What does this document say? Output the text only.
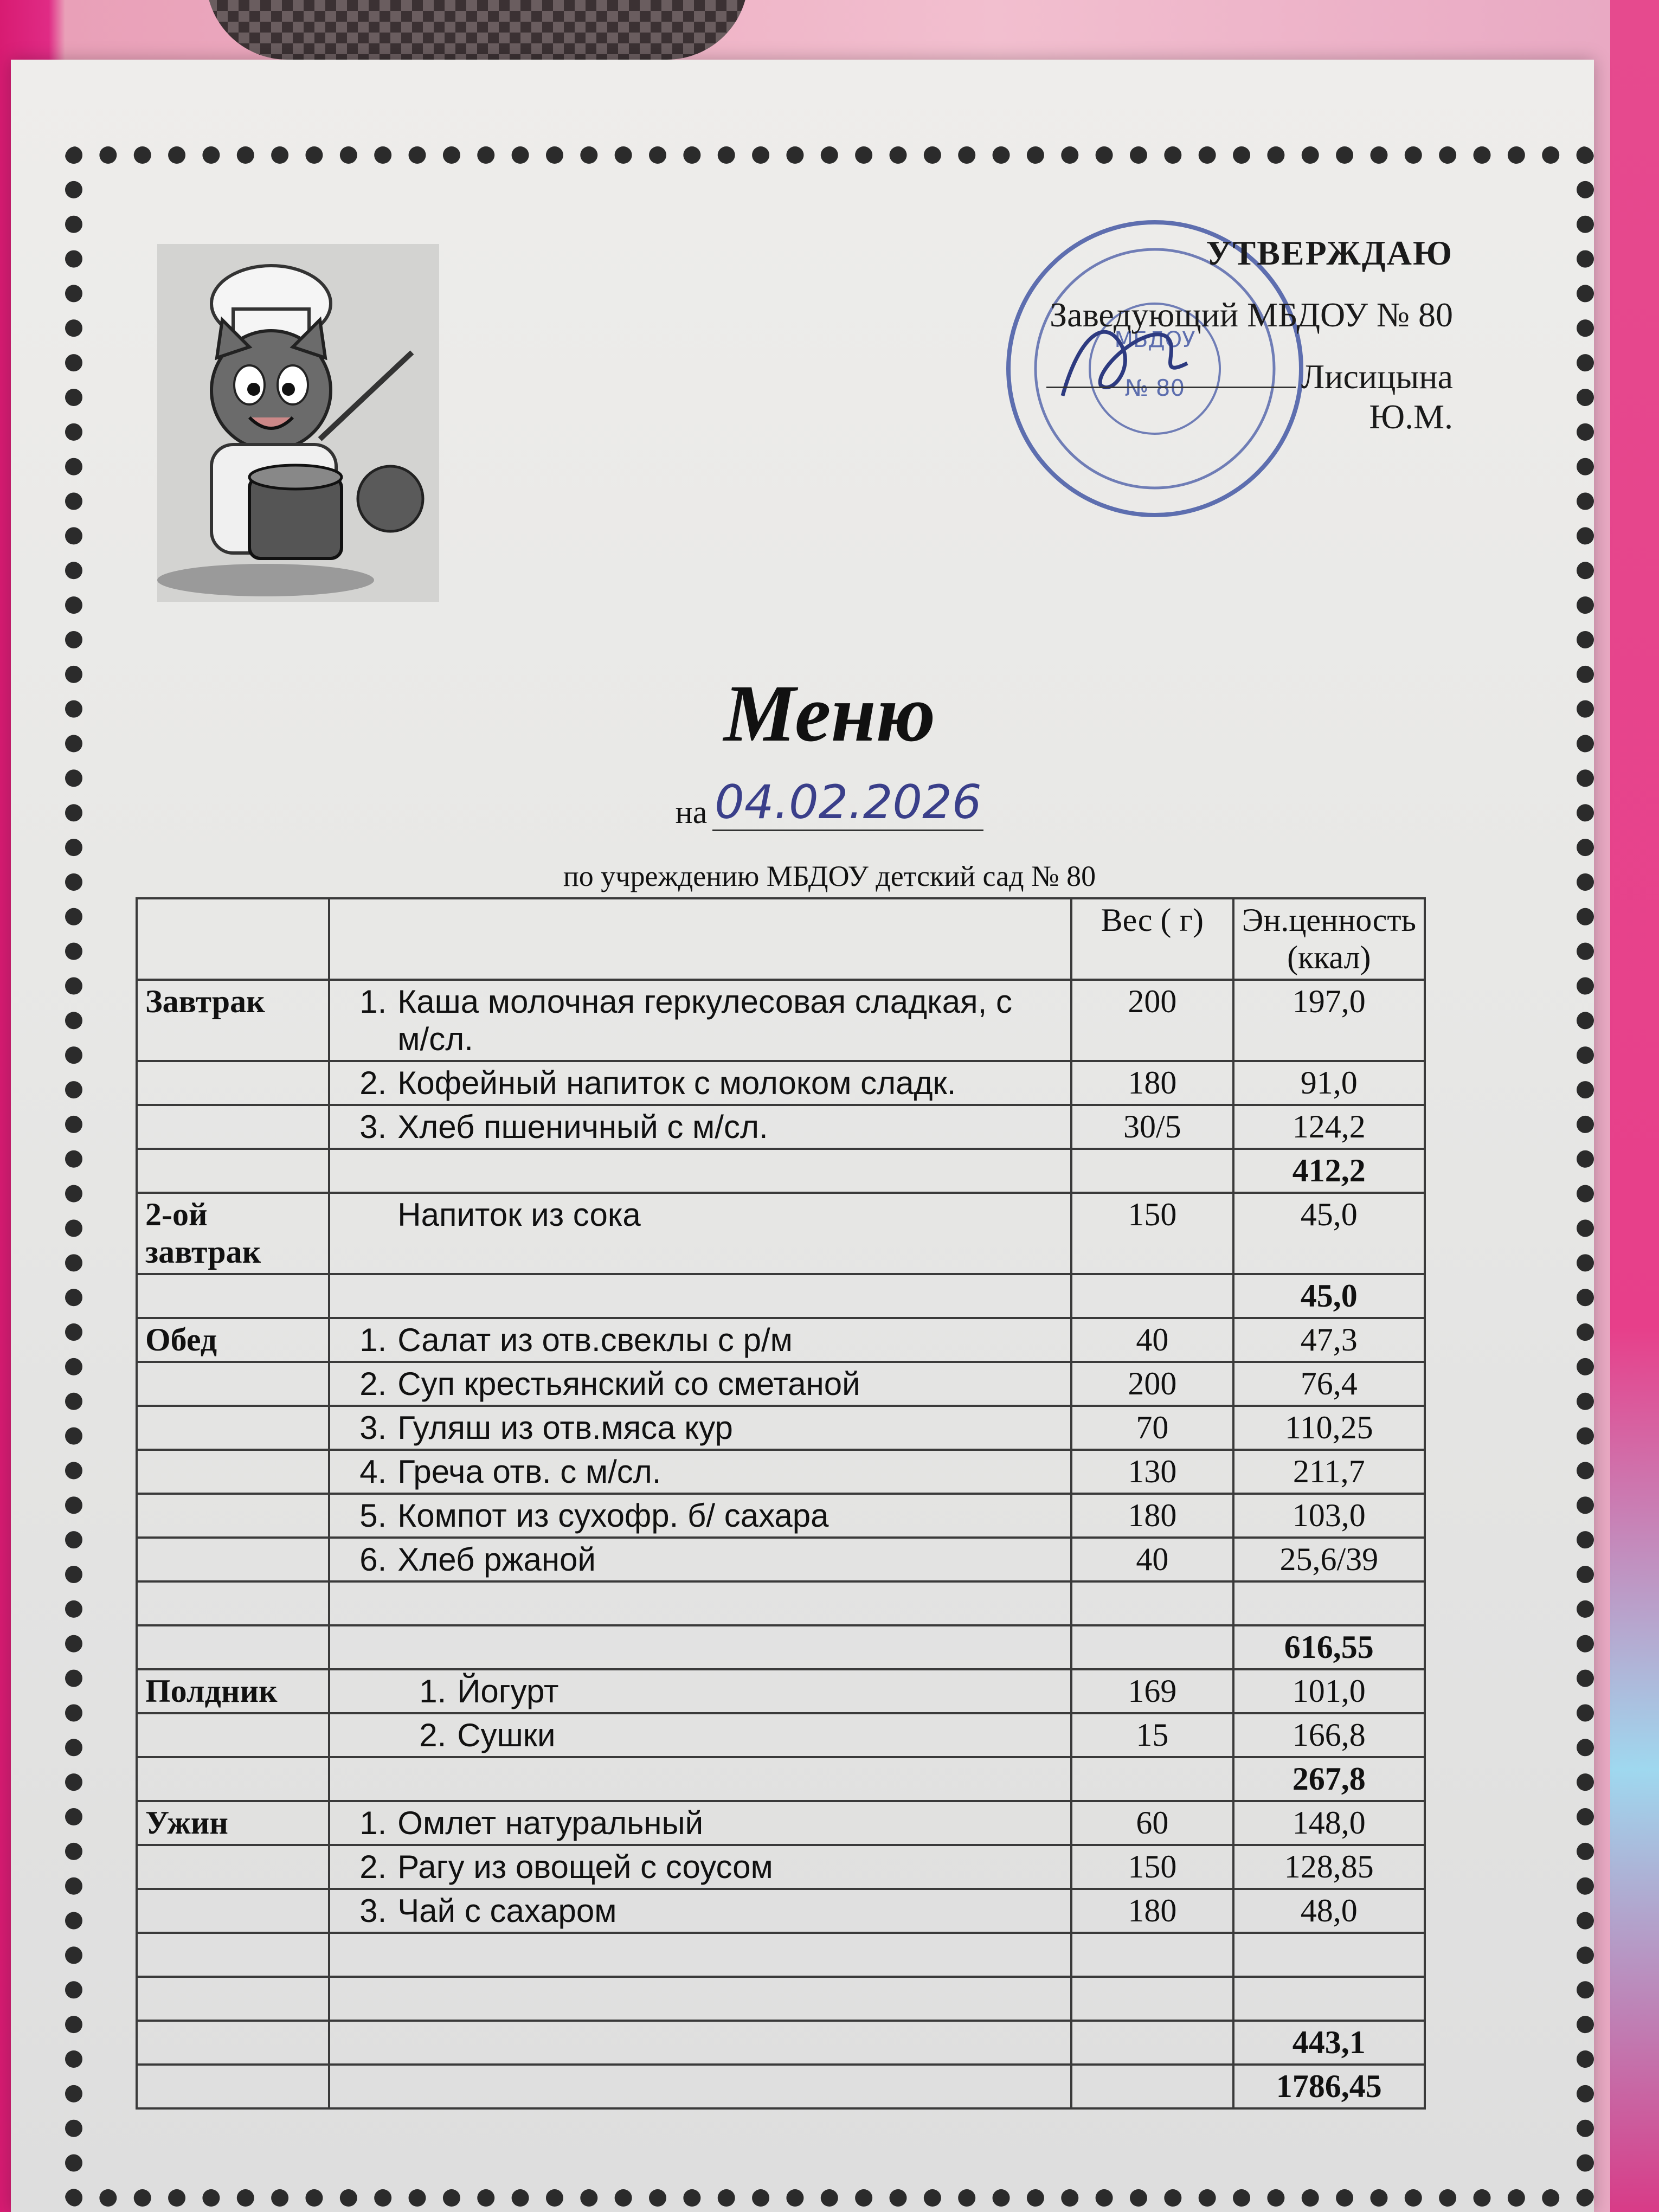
МБДОУ
№ 80
УТВЕРЖДАЮ
Заведующий МБДОУ № 80
Лисицына Ю.М.
Меню
на 04.02.2026
по учреждению МБДОУ детский сад № 80
		Вес ( г)	Эн.ценность (ккал)
Завтрак	1. Каша молочная геркулесовая сладкая, с м/сл.	200	197,0
	2. Кофейный напиток с молоком сладк.	180	91,0
	3. Хлеб пшеничный с м/сл.	30/5	124,2
			412,2
2-ой завтрак	Напиток из сока	150	45,0
			45,0
Обед	1. Салат из отв.свеклы с р/м	40	47,3
	2. Суп крестьянский со сметаной	200	76,4
	3. Гуляш из отв.мяса кур	70	110,25
	4. Греча отв. с м/сл.	130	211,7
	5. Компот из сухофр. б/ сахара	180	103,0
	6. Хлеб ржаной	40	25,6/39

			616,55
Полдник	1. Йогурт	169	101,0
	2. Сушки	15	166,8
			267,8
Ужин	1. Омлет натуральный	60	148,0
	2. Рагу из овощей с соусом	150	128,85
	3. Чай с сахаром	180	48,0

			443,1
			1786,45
